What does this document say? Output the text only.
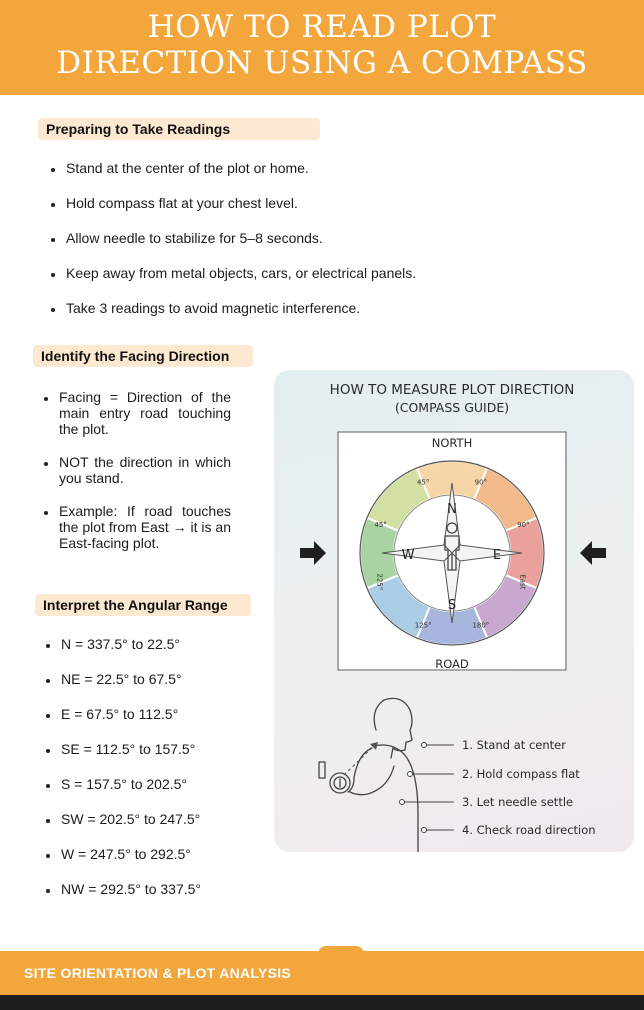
HOW TO READ PLOT
DIRECTION USING A COMPASS
Preparing to Take Readings
Stand at the center of the plot or home.
Hold compass flat at your chest level.
Allow needle to stabilize for 5–8 seconds.
Keep away from metal objects, cars, or electrical panels.
Take 3 readings to avoid magnetic interference.
Identify the Facing Direction
Facing = Direction of the main entry road touching the plot.
NOT the direction in which you stand.
Example: If road touches the plot from East → it is an East-facing plot.
Interpret the Angular Range
N = 337.5° to 22.5°
NE = 22.5° to 67.5°
E = 67.5° to 112.5°
SE = 112.5° to 157.5°
S = 157.5° to 202.5°
SW = 202.5° to 247.5°
W = 247.5° to 292.5°
NW = 292.5° to 337.5°
HOW TO MEASURE PLOT DIRECTION
(COMPASS GUIDE)
NORTH
ROAD
45°	90°
90°
45°
225°	East
125°	180°
N
W	E
S
1. Stand at center
2. Hold compass flat
3. Let needle settle
4. Check road direction
SITE ORIENTATION & PLOT ANALYSIS
